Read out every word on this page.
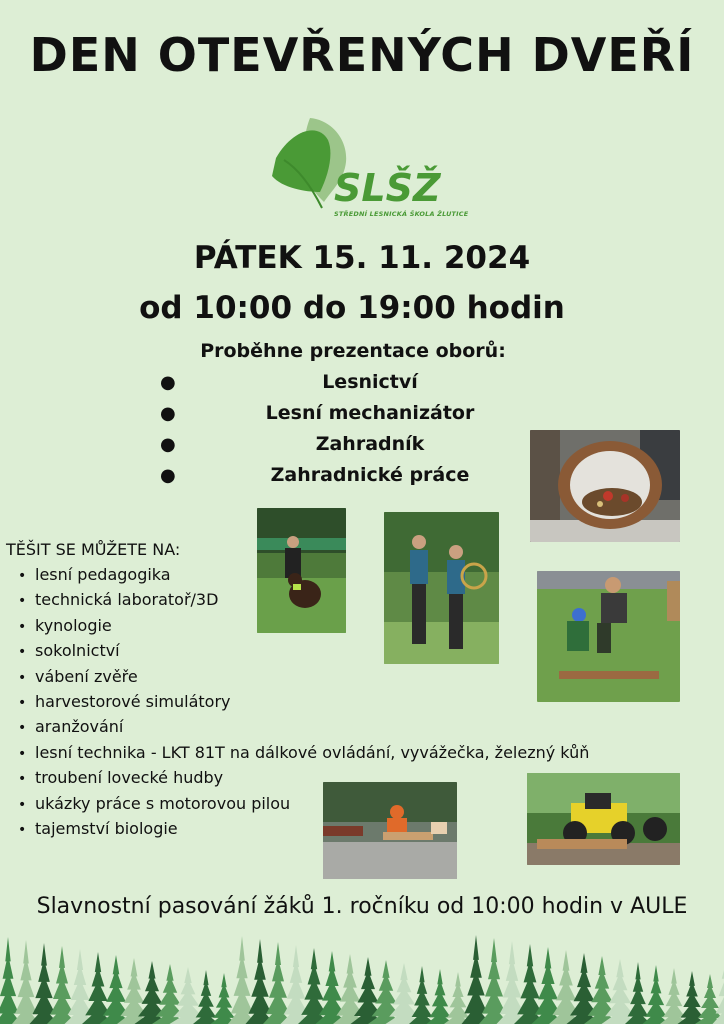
DEN OTEVŘENÝCH DVEŘÍ
SLŠŽ
STŘEDNÍ LESNICKÁ ŠKOLA ŽLUTICE
PÁTEK 15. 11. 2024
od 10:00 do 19:00 hodin
Proběhne prezentace oborů:
●	Lesnictví
●	Lesní mechanizátor
●	Zahradník
●	Zahradnické práce
TĚŠIT SE MŮŽETE NA:
• lesní pedagogika
• technická laboratoř/3D
• kynologie
• sokolnictví
• vábení zvěře
• harvestorové simulátory
• aranžování
• lesní technika - LKT 81T na dálkové ovládání, vyvážečka, železný kůň
• troubení lovecké hudby
• ukázky práce s motorovou pilou
• tajemství biologie
Slavnostní pasování žáků 1. ročníku od 10:00 hodin v AULE
